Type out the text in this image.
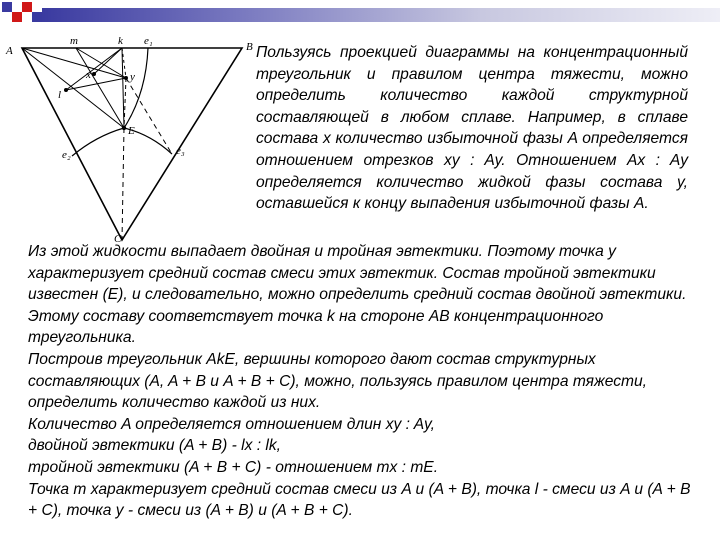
A	B
C
m	k e₁
e₂	e₃
x	y
l
E

Пользуясь проекцией диаграммы на концентрационный треугольник и правилом центра тяжести, можно определить количество каждой структурной составляющей в любом сплаве. Например, в сплаве состава x количество избыточной фазы A определяется отношением отрезков xy : Ay. Отношением Ax : Ay определяется количество жидкой фазы состава y, оставшейся к концу выпадения избыточной фазы A.

Из этой жидкости выпадает двойная и тройная эвтектики. Поэтому точка y характеризует средний состав смеси этих эвтектик. Состав тройной эвтектики известен (E), и следовательно, можно определить средний состав двойной эвтектики. Этому составу соответствует точка k на стороне AB концентрационного треугольника.

Построив треугольник AkE, вершины которого дают состав структурных составляющих (A, A + B и A + B + C), можно, пользуясь правилом центра тяжести, определить количество каждой из них.

Количество A определяется отношением длин xy : Ay,

двойной эвтектики (A + B) - lx : lk,

тройной эвтектики (A + B + C) - отношением mx : mE.

Точка m характеризует средний состав смеси из A и (A + B), точка l - смеси из A и (A + B + C), точка y - смеси из (A + B) и (A + B + C).
